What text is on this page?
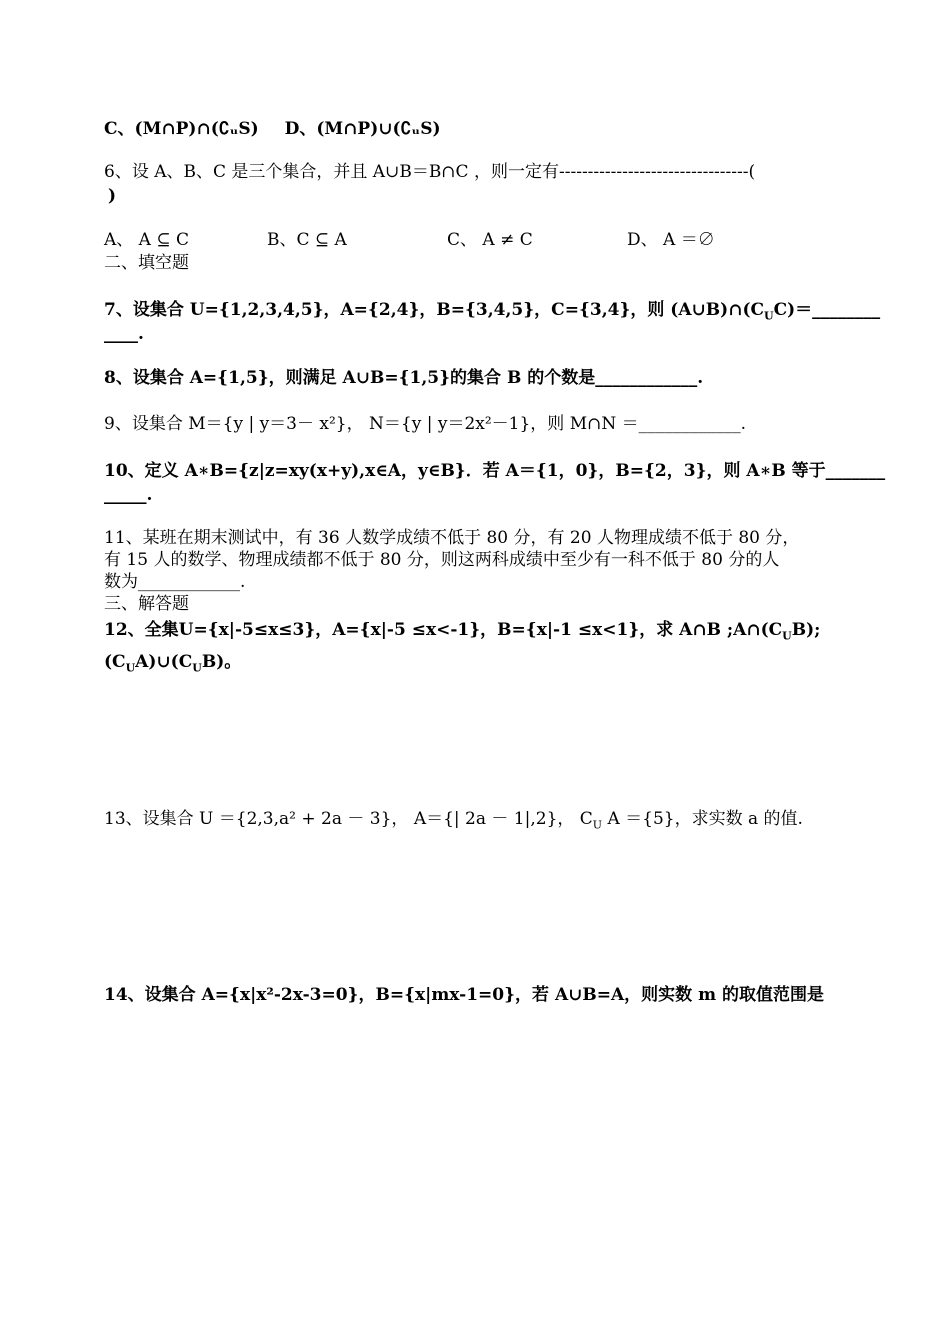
C、(M∩P)∩(∁ᵤS) D、(M∩P)∪(∁ᵤS)
6、设 A、B、C 是三个集合，并且 A∪B＝B∩C ，则一定有---------------------------------(
)
A、 A ⊆ C	B、C ⊆ A	C、 A ≠ C	D、 A ＝∅
二、填空题
7、设集合 U={1,2,3,4,5}，A={2,4}，B={3,4,5}，C={3,4}，则 $(A\cup B)\cap(C_UC)=\_\_\_\_\_\_\_\_$
____.
8、设集合 A={1,5}，则满足 A∪B={1,5}的集合 B 的个数是____________.
9、设集合 M＝{y | y＝3－ x²}， N＝{y | y＝2x²－1}，则 M∩N ＝____________.
10、定义 A∗B={z|z=xy(x+y),x∈A，y∈B}．若 A＝{1，0}，B={2，3}，则 A∗B 等于_______
_____.
11、某班在期末测试中，有 36 人数学成绩不低于 80 分，有 20 人物理成绩不低于 80 分，
有 15 人的数学、物理成绩都不低于 80 分，则这两科成绩中至少有一科不低于 80 分的人
数为____________.
三、解答题
12、全集U={x|-5≤x≤3}，A={x|-5 ≤x<-1}，B={x|-1 ≤x<1}，求 A∩B $;A\cap(C_UB)$;
$(C_UA)\cup(C_UB)$。
13、设集合 U ＝{2,3,a² + 2a － 3}， A＝{| 2a － 1|,2}， $C_U$ A ＝{5}，求实数 a 的值.
14、设集合 A={x|x²-2x-3=0}，B={x|mx-1=0}，若 A∪B=A，则实数 m 的取值范围是
